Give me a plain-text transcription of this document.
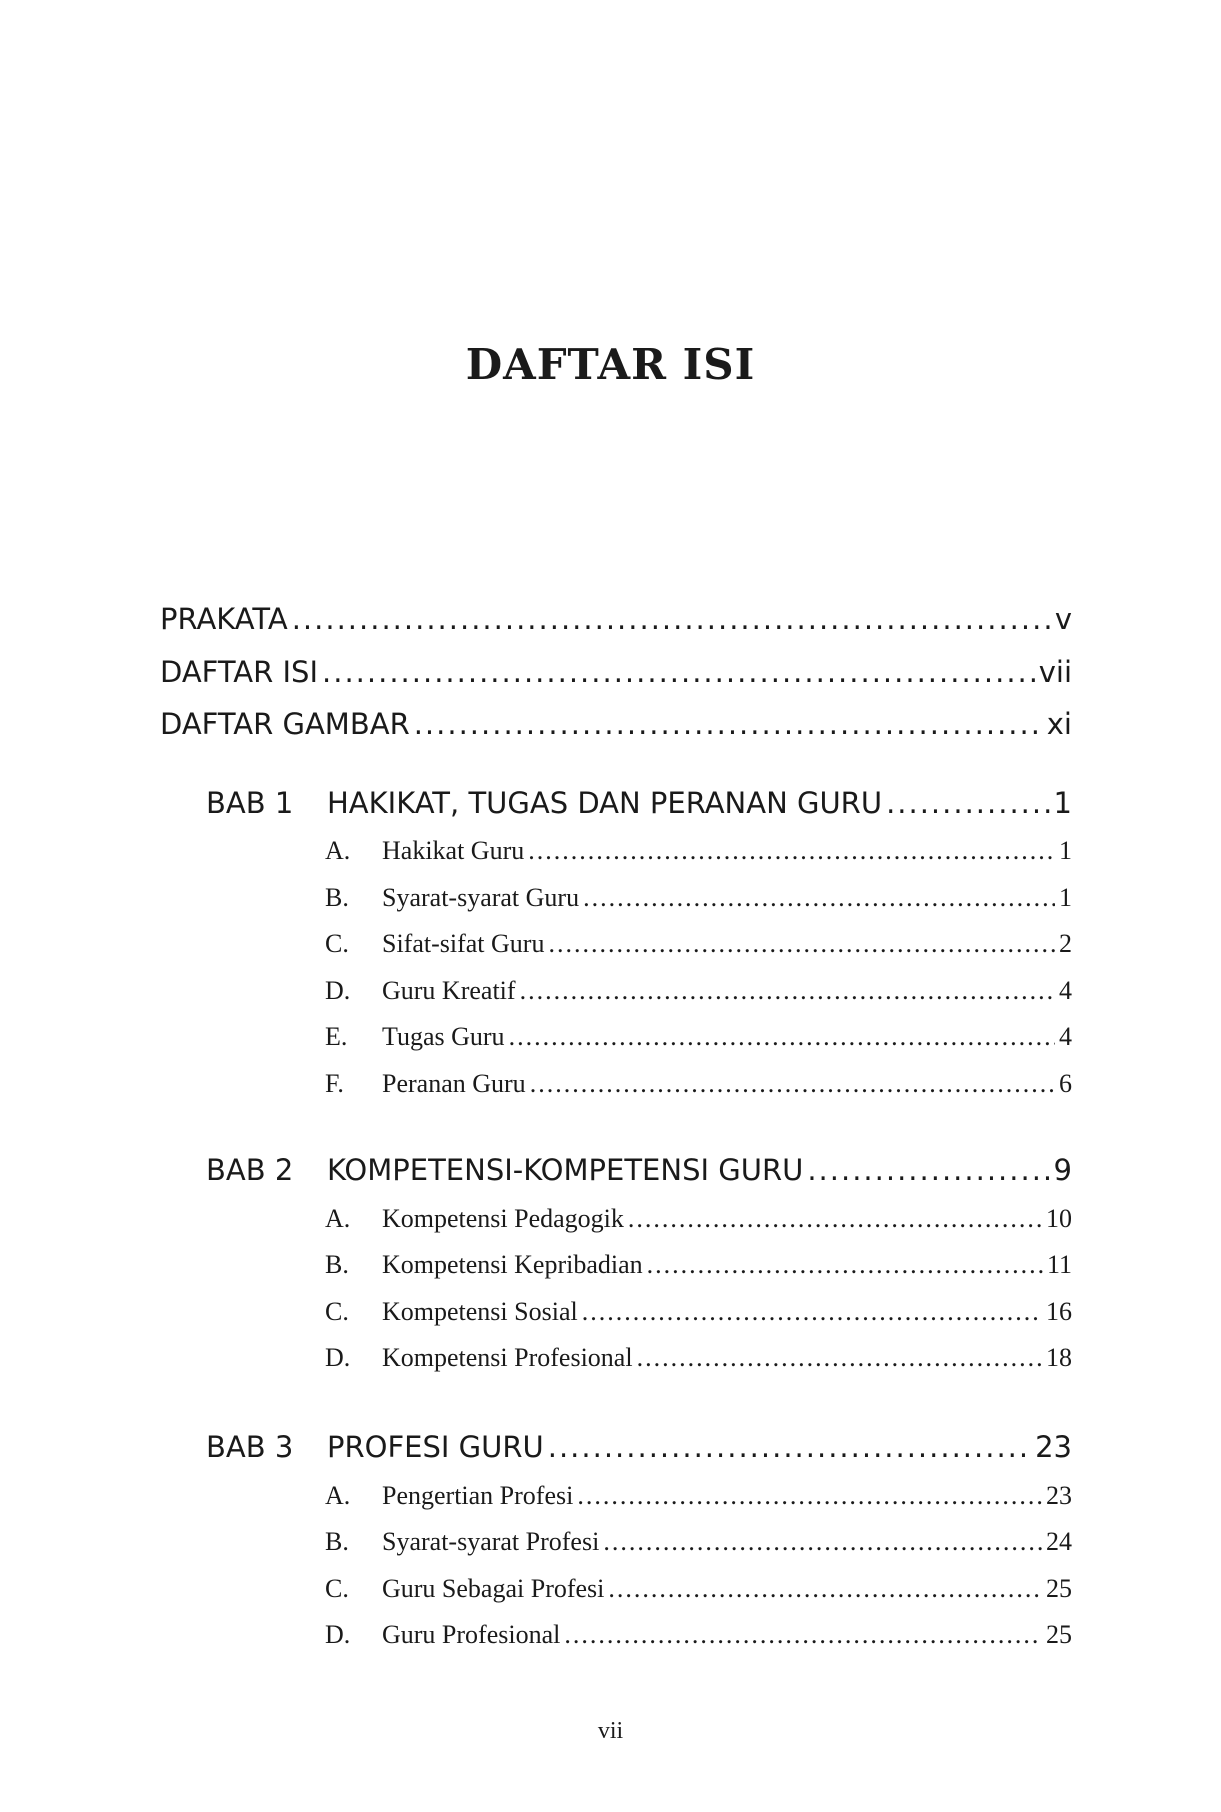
DAFTAR ISI
PRAKATA .....	v
DAFTAR ISI .....	vii
DAFTAR GAMBAR .....	xi
BAB 1	HAKIKAT, TUGAS DAN PERANAN GURU .....	1
A.	Hakikat Guru .....	1
B.	Syarat-syarat Guru .....	1
C.	Sifat-sifat Guru .....	2
D.	Guru Kreatif .....	4
E.	Tugas Guru .....	4
F.	Peranan Guru .....	6
BAB 2	KOMPETENSI-KOMPETENSI GURU .....	9
A.	Kompetensi Pedagogik .....	10
B.	Kompetensi Kepribadian .....	11
C.	Kompetensi Sosial .....	16
D.	Kompetensi Profesional .....	18
BAB 3	PROFESI GURU .....	23
A.	Pengertian Profesi .....	23
B.	Syarat-syarat Profesi .....	24
C.	Guru Sebagai Profesi .....	25
D.	Guru Profesional .....	25
vii
